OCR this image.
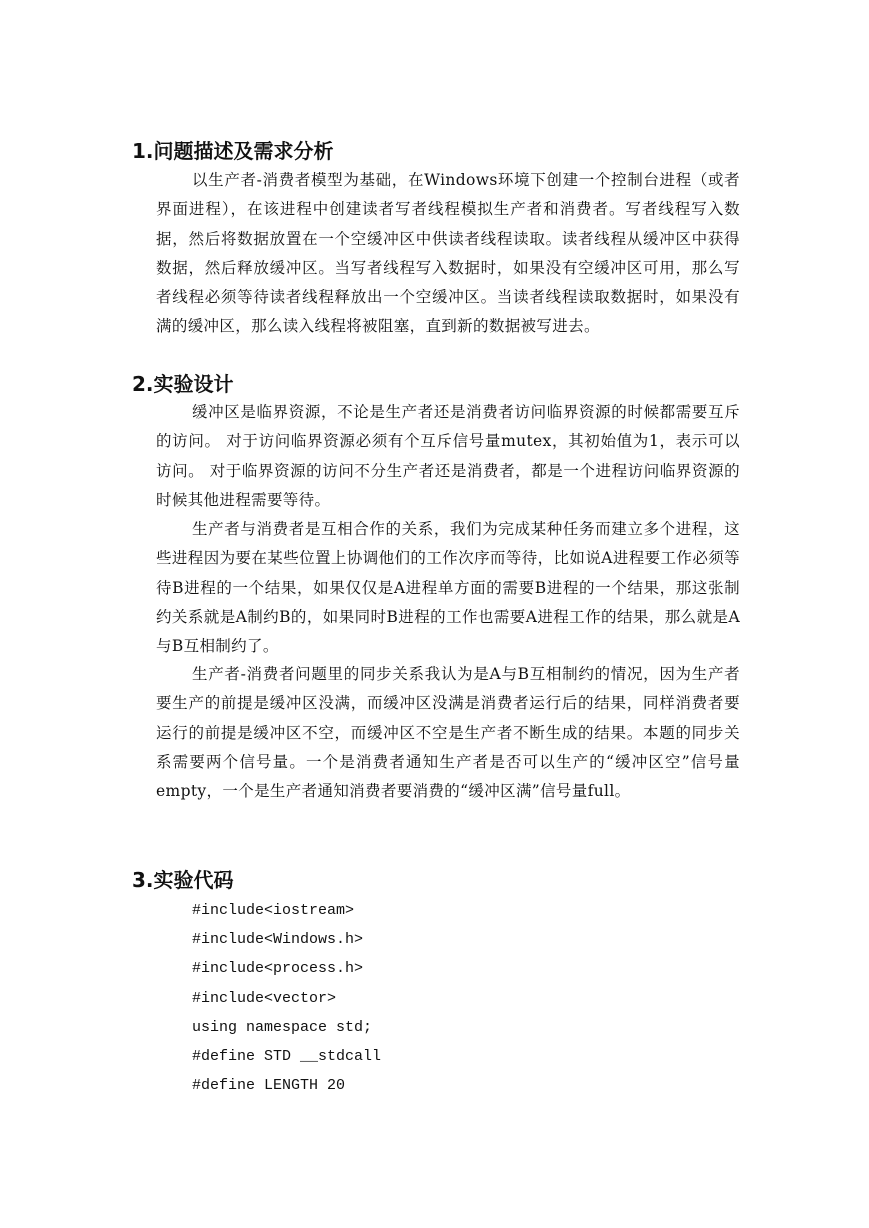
1.问题描述及需求分析

以生产者-消费者模型为基础，在Windows环境下创建一个控制台进程（或者界面进程），在该进程中创建读者写者线程模拟生产者和消费者。写者线程写入数据，然后将数据放置在一个空缓冲区中供读者线程读取。读者线程从缓冲区中获得数据，然后释放缓冲区。当写者线程写入数据时，如果没有空缓冲区可用，那么写者线程必须等待读者线程释放出一个空缓冲区。当读者线程读取数据时，如果没有满的缓冲区，那么读入线程将被阻塞，直到新的数据被写进去。

2.实验设计

缓冲区是临界资源，不论是生产者还是消费者访问临界资源的时候都需要互斥的访问。 对于访问临界资源必须有个互斥信号量mutex，其初始值为1，表示可以访问。 对于临界资源的访问不分生产者还是消费者，都是一个进程访问临界资源的时候其他进程需要等待。

生产者与消费者是互相合作的关系，我们为完成某种任务而建立多个进程，这些进程因为要在某些位置上协调他们的工作次序而等待，比如说A进程要工作必须等待B进程的一个结果，如果仅仅是A进程单方面的需要B进程的一个结果，那这张制约关系就是A制约B的，如果同时B进程的工作也需要A进程工作的结果，那么就是A与B互相制约了。

生产者-消费者问题里的同步关系我认为是A与B互相制约的情况，因为生产者要生产的前提是缓冲区没满，而缓冲区没满是消费者运行后的结果，同样消费者要运行的前提是缓冲区不空，而缓冲区不空是生产者不断生成的结果。本题的同步关系需要两个信号量。一个是消费者通知生产者是否可以生产的“缓冲区空”信号量empty，一个是生产者通知消费者要消费的“缓冲区满”信号量full。

3.实验代码
#include<iostream>
#include<Windows.h>
#include<process.h>
#include<vector>
using namespace std;
#define STD __stdcall
#define LENGTH 20
